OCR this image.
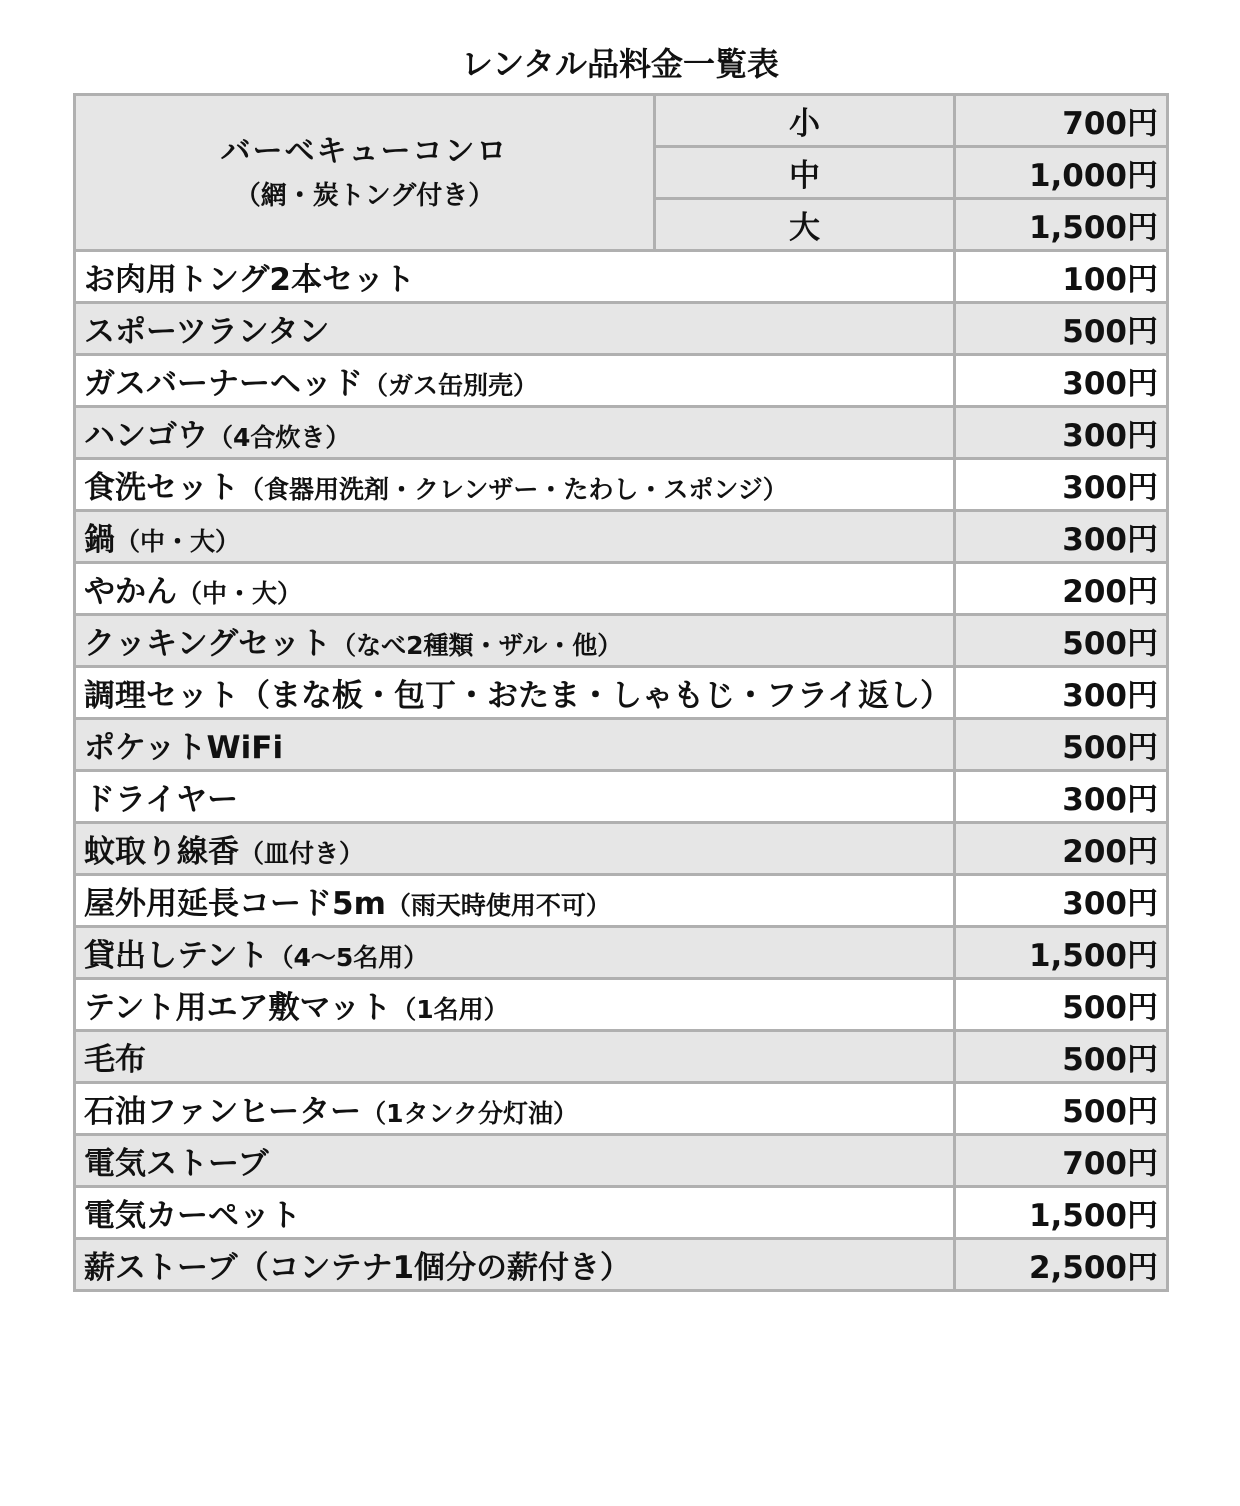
レンタル品料金一覧表
バーベキューコンロ
（網・炭トング付き）	小	700円
	中	1,000円
	大	1,500円
お肉用トング2本セット		100円
スポーツランタン		500円
ガスバーナーヘッド（ガス缶別売）		300円
ハンゴウ（4合炊き）		300円
食洗セット（食器用洗剤・クレンザー・たわし・スポンジ）		300円
鍋（中・大）		300円
やかん（中・大）		200円
クッキングセット（なべ2種類・ザル・他）		500円
調理セット（まな板・包丁・おたま・しゃもじ・フライ返し）		300円
ポケットWiFi		500円
ドライヤー		300円
蚊取り線香（皿付き）		200円
屋外用延長コード5m（雨天時使用不可）		300円
貸出しテント（4～5名用）		1,500円
テント用エア敷マット（1名用）		500円
毛布		500円
石油ファンヒーター（1タンク分灯油）		500円
電気ストーブ		700円
電気カーペット		1,500円
薪ストーブ（コンテナ1個分の薪付き）		2,500円
